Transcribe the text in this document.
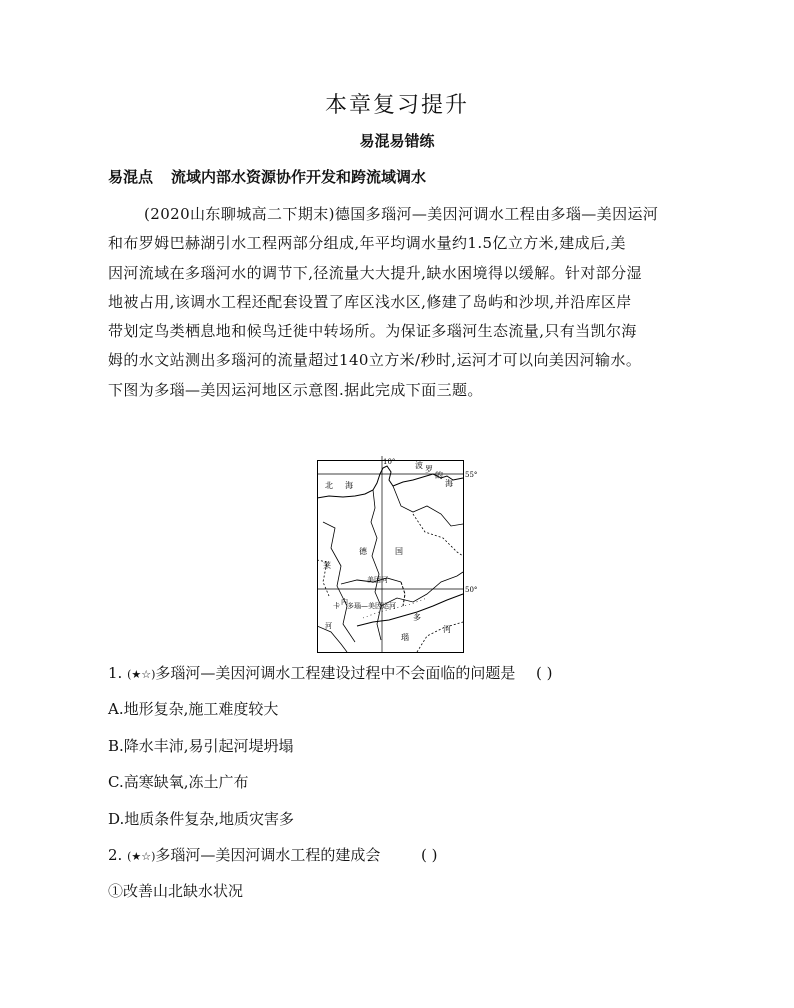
本章复习提升
易混易错练
易混点 流域内部水资源协作开发和跨流域调水
(2020山东聊城高二下期末)德国多瑙河—美因河调水工程由多瑙—美因运河
和布罗姆巴赫湖引水工程两部分组成,年平均调水量约1.5亿立方米,建成后,美
因河流域在多瑙河水的调节下,径流量大大提升,缺水困境得以缓解。针对部分湿
地被占用,该调水工程还配套设置了库区浅水区,修建了岛屿和沙坝,并沿库区岸
带划定鸟类栖息地和候鸟迁徙中转场所。为保证多瑙河生态流量,只有当凯尔海
姆的水文站测出多瑙河的流量超过140立方米/秒时,运河才可以向美因河输水。
下图为多瑙—美因运河地区示意图.据此完成下面三题。
10°
55°
50°
北 海
波 罗
的
海
德	国
莱
美因河
内
卡
河
多瑙—美因运河
多
瑙
河
1. (★☆)多瑙河—美因河调水工程建设过程中不会面临的问题是 ( )
A.地形复杂,施工难度较大
B.降水丰沛,易引起河堤坍塌
C.高寒缺氧,冻土广布
D.地质条件复杂,地质灾害多
2. (★☆)多瑙河—美因河调水工程的建成会	( )
①改善山北缺水状况
